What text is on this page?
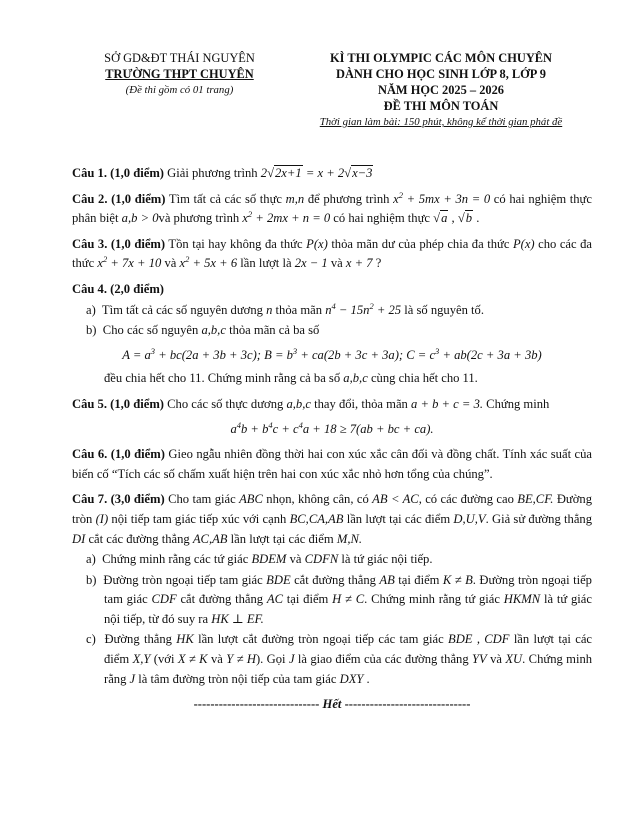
SỞ GD&ĐT THÁI NGUYÊN
TRƯỜNG THPT CHUYÊN
(Đề thi gồm có 01 trang)
KÌ THI OLYMPIC CÁC MÔN CHUYÊN
DÀNH CHO HỌC SINH LỚP 8, LỚP 9
NĂM HỌC 2025 – 2026
ĐỀ THI MÔN TOÁN
Thời gian làm bài: 150 phút, không kể thời gian phát đề

Câu 1. (1,0 điểm) Giải phương trình 2√2x+1 = x + 2√x−3

Câu 2. (1,0 điểm) Tìm tất cả các số thực m,n để phương trình $x^2 + 5mx + 3n = 0$ có hai nghiệm thực phân biệt a,b > 0và phương trình $x^2 + 2mx + n = 0$ có hai nghiệm thực √a , √b .

Câu 3. (1,0 điểm) Tồn tại hay không đa thức P(x) thỏa mãn dư của phép chia đa thức P(x) cho các đa thức $x^2 + 7x + 10$ và $x^2 + 5x + 6$ lần lượt là 2x − 1 và x + 7 ?

Câu 4. (2,0 điểm)

a) Tìm tất cả các số nguyên dương n thỏa mãn $n^4 - 15n^2 + 25$ là số nguyên tố.

b) Cho các số nguyên a,b,c thỏa mãn cả ba số

$A = a^3 + bc(2a + 3b + 3c)$; $B = b^3 + ca(2b + 3c + 3a)$; $C = c^3 + ab(2c + 3a + 3b)$

đều chia hết cho 11. Chứng minh rằng cả ba số a,b,c cùng chia hết cho 11.

Câu 5. (1,0 điểm) Cho các số thực dương a,b,c thay đổi, thỏa mãn a + b + c = 3. Chứng minh

$a^4b + b^4c + c^4a + 18 \ge 7(ab$ + bc + ca).

Câu 6. (1,0 điểm) Gieo ngẫu nhiên đồng thời hai con xúc xắc cân đối và đồng chất. Tính xác suất của biến cố “Tích các số chấm xuất hiện trên hai con xúc xắc nhỏ hơn tổng của chúng”.

Câu 7. (3,0 điểm) Cho tam giác ABC nhọn, không cân, có AB < AC, có các đường cao BE,CF. Đường tròn (I) nội tiếp tam giác tiếp xúc với cạnh BC,CA,AB lần lượt tại các điểm D,U,V. Giả sử đường thẳng DI cắt các đường thẳng AC,AB lần lượt tại các điểm M,N.

a) Chứng minh rằng các tứ giác BDEM và CDFN là tứ giác nội tiếp.

b) Đường tròn ngoại tiếp tam giác BDE cắt đường thẳng AB tại điểm K ≠ B. Đường tròn ngoại tiếp tam giác CDF cắt đường thẳng AC tại điểm H ≠ C. Chứng minh rằng tứ giác HKMN là tứ giác nội tiếp, từ đó suy ra HK ⊥ EF.

c) Đường thẳng HK lần lượt cắt đường tròn ngoại tiếp các tam giác BDE , CDF lần lượt tại các điểm X,Y (với X ≠ K và Y ≠ H). Gọi J là giao điểm của các đường thẳng YV và XU. Chứng minh rằng J là tâm đường tròn nội tiếp của tam giác DXY .

------------------------------ Hết ------------------------------
